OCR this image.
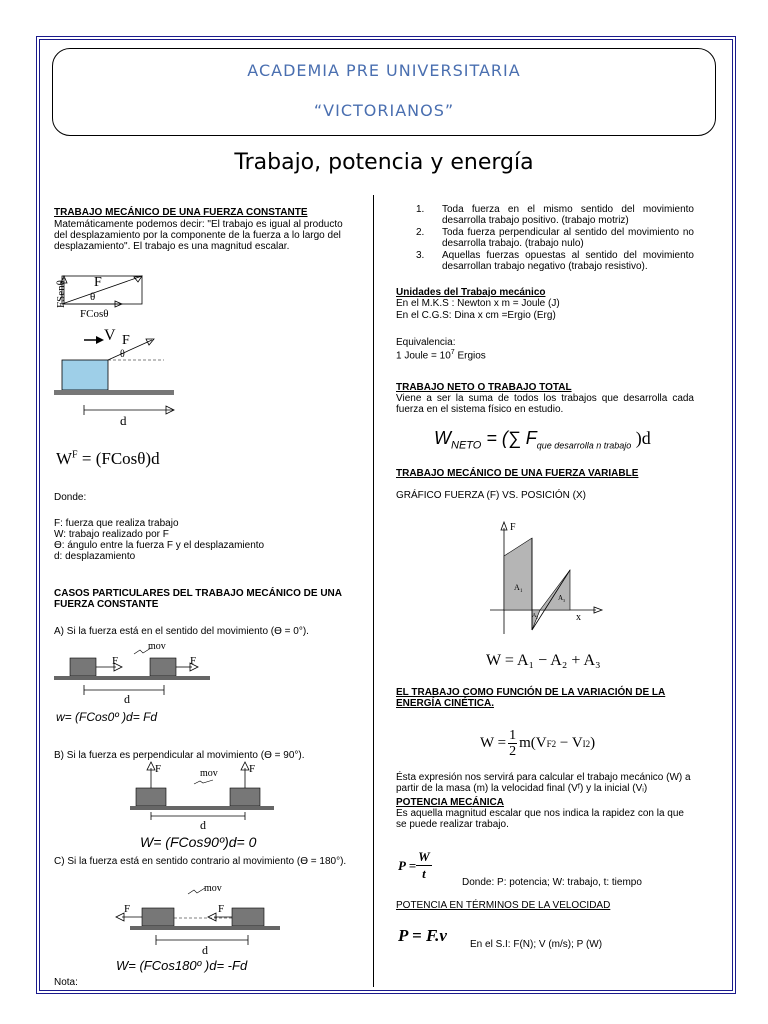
ACADEMIA PRE UNIVERSITARIA
“VICTORIANOS”
Trabajo, potencia y energía
TRABAJO MECÁNICO DE UNA FUERZA CONSTANTE
Matemáticamente podemos decir: "El trabajo es igual al producto del desplazamiento por la componente de la fuerza a lo largo del desplazamiento". El trabajo es una magnitud escalar.
FSenθ F
θ
FCosθ
V F
θ
d
$W^F$ = (FCosθ)d
Donde:
F: fuerza que realiza trabajo
W: trabajo realizado por F
ϴ: ángulo entre la fuerza F y el desplazamiento
d: desplazamiento
CASOS PARTICULARES DEL TRABAJO MECÁNICO DE UNA FUERZA CONSTANTE
A) Si la fuerza está en el sentido del movimiento (ϴ = 0°).
F	F
mov
d
w= (FCos0º )d= Fd
B) Si la fuerza es perpendicular al movimiento (ϴ = 90°).
F	F
mov
d
W= (FCos90º)d= 0
C) Si la fuerza está en sentido contrario al movimiento (ϴ = 180°).
mov
F	F
d
W= (FCos180º )d= -Fd
Nota:
1. Toda fuerza en el mismo sentido del movimiento desarrolla trabajo positivo. (trabajo motriz)
2. Toda fuerza perpendicular al sentido del movimiento no desarrolla trabajo. (trabajo nulo)
3. Aquellas fuerzas opuestas al sentido del movimiento desarrollan trabajo negativo (trabajo resistivo).
Unidades del Trabajo mecánico
En el M.K.S : Newton x m = Joule (J)
En el C.G.S: Dina x cm =Ergio (Erg)
Equivalencia:
1 Joule = $10^7$ Ergios
TRABAJO NETO O TRABAJO TOTAL
Viene a ser la suma de todos los trabajos que desarrolla cada fuerza en el sistema físico en estudio.
$W_{NETO}$ = (∑ $F_{que desarrolla n trabajo}$ )d
TRABAJO MECÁNICO DE UNA FUERZA VARIABLE
GRÁFICO FUERZA (F) VS. POSICIÓN (X)
F
x
A 1
A 2
A 3
W = A₁ − A₂ + A₃
EL TRABAJO COMO FUNCIÓN DE LA VARIACIÓN DE LA ENERGÍA CINÉTICA.
$W = \frac{1}{2} m(V$ F 2 − V I 2 )
Ésta expresión nos servirá para calcular el trabajo mecánico (W) a partir de la masa (m) la velocidad final (Vᶠ) y la inicial (Vᵢ)
POTENCIA MECÁNICA
Es aquella magnitud escalar que nos indica la rapidez con la que se puede realizar trabajo.
$P = \frac{W}{t}$
Donde: P: potencia; W: trabajo, t: tiempo
POTENCIA EN TÉRMINOS DE LA VELOCIDAD
P = F.v En el S.I: F(N); V (m/s); P (W)
